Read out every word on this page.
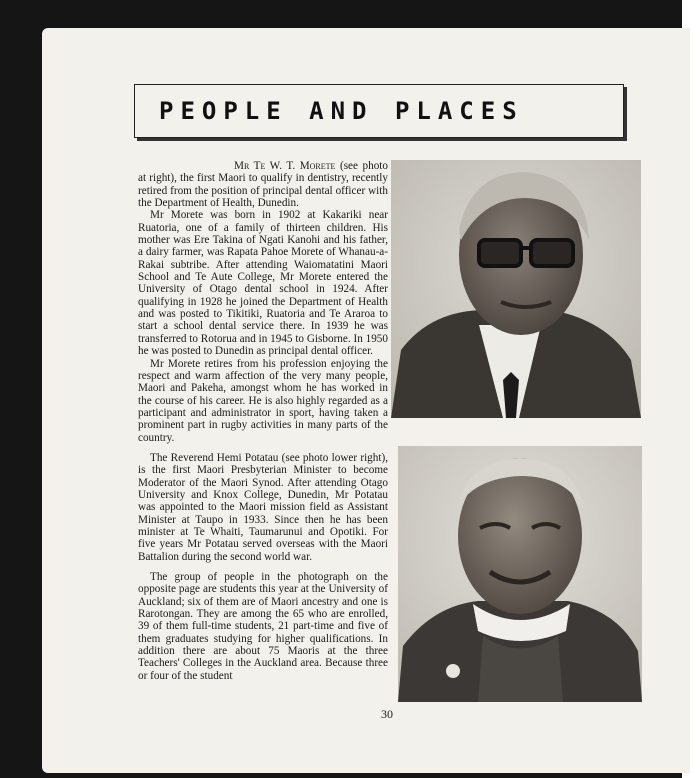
PEOPLE AND PLACES

Mr Te W. T. Morete (see photo at right), the first Maori to qualify in dentistry, recently retired from the position of principal dental officer with the Department of Health, Dunedin.

Mr Morete was born in 1902 at Kakariki near Ruatoria, one of a family of thirteen children. His mother was Ere Takina of Ngati Kanohi and his father, a dairy farmer, was Rapata Pahoe Morete of Whanau-a-Rakai subtribe. After attending Waiomatatini Maori School and Te Aute College, Mr Morete entered the University of Otago dental school in 1924. After qualifying in 1928 he joined the Department of Health and was posted to Tikitiki, Ruatoria and Te Araroa to start a school dental service there. In 1939 he was transferred to Rotorua and in 1945 to Gisborne. In 1950 he was posted to Dunedin as principal dental officer.

Mr Morete retires from his profession enjoying the respect and warm affection of the very many people, Maori and Pakeha, amongst whom he has worked in the course of his career. He is also highly regarded as a participant and administrator in sport, having taken a prominent part in rugby activities in many parts of the country.

The Reverend Hemi Potatau (see photo lower right), is the first Maori Presbyterian Minister to become Moderator of the Maori Synod. After attending Otago University and Knox College, Dunedin, Mr Potatau was appointed to the Maori mission field as Assistant Minister at Taupo in 1933. Since then he has been minister at Te Whaiti, Taumarunui and Opotiki. For five years Mr Potatau served overseas with the Maori Battalion during the second world war.

The group of people in the photograph on the opposite page are students this year at the University of Auckland; six of them are of Maori ancestry and one is Rarotongan. They are among the 65 who are enrolled, 39 of them full-time students, 21 part-time and five of them graduates studying for higher qualifications. In addition there are about 75 Maoris at the three Teachers' Colleges in the Auckland area. Because three or four of the student

30
